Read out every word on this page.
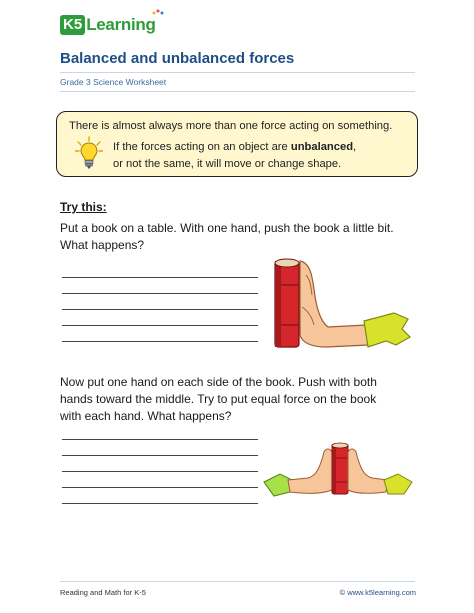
K5 Learning
Balanced and unbalanced forces
Grade 3 Science Worksheet
There is almost always more than one force acting on something.
If the forces acting on an object are unbalanced,
or not the same, it will move or change shape.
Try this:
Put a book on a table. With one hand, push the book a little bit.
What happens?
Now put one hand on each side of the book. Push with both
hands toward the middle. Try to put equal force on the book
with each hand. What happens?
Reading and Math for K-5	© www.k5learning.com
